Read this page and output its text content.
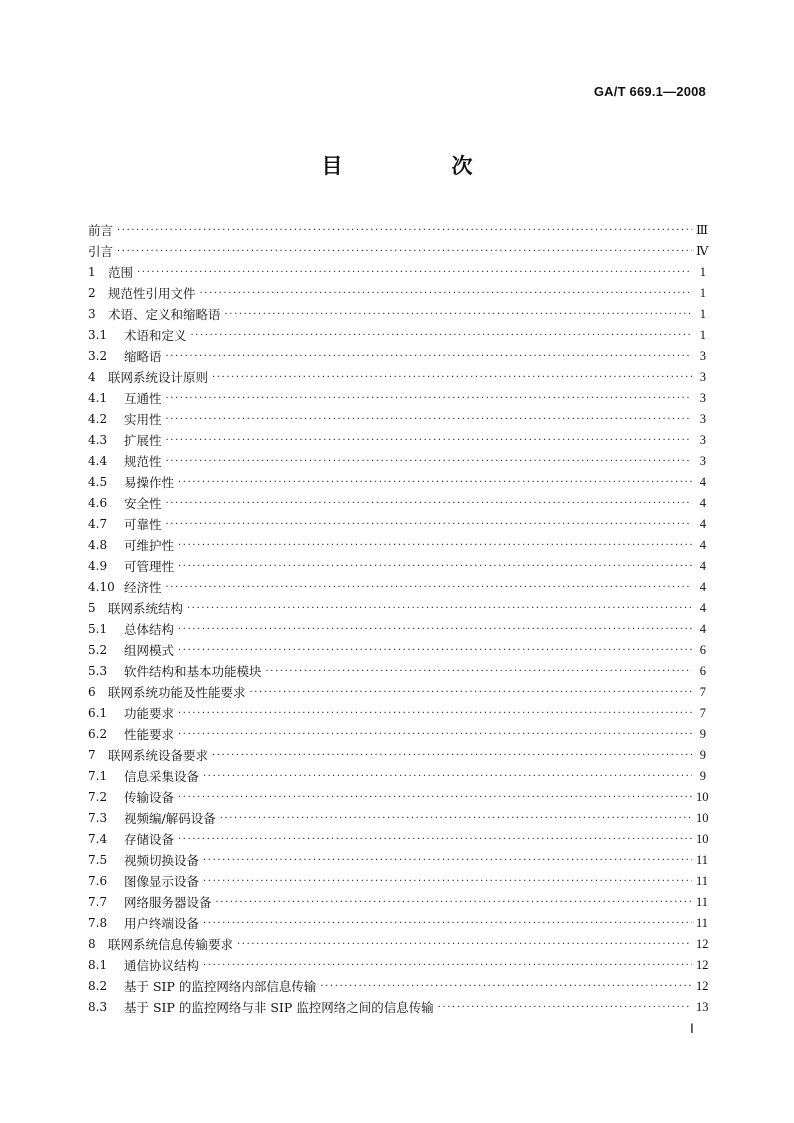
GA/T 669.1—2008
目　次
前言 ·····	Ⅲ
引言 ·····	Ⅳ
1 范围 ·····	1
2 规范性引用文件 ·····	1
3 术语、定义和缩略语 ·····	1
3.1	术语和定义 ·····	1
3.2	缩略语 ·····	3
4 联网系统设计原则 ·····	3
4.1	互通性 ·····	3
4.2	实用性 ·····	3
4.3	扩展性 ·····	3
4.4	规范性 ·····	3
4.5	易操作性 ·····	4
4.6	安全性 ·····	4
4.7	可靠性 ·····	4
4.8	可维护性 ·····	4
4.9	可管理性 ·····	4
4.10 经济性 ·····	4
5 联网系统结构 ·····	4
5.1	总体结构 ·····	4
5.2	组网模式 ·····	6
5.3	软件结构和基本功能模块 ·····	6
6 联网系统功能及性能要求 ·····	7
6.1	功能要求 ·····	7
6.2	性能要求 ·····	9
7 联网系统设备要求 ·····	9
7.1	信息采集设备 ·····	9
7.2	传输设备 ·····	10
7.3	视频编/解码设备 ·····	10
7.4	存储设备 ·····	10
7.5	视频切换设备 ·····	11
7.6	图像显示设备 ·····	11
7.7	网络服务器设备 ·····	11
7.8	用户终端设备 ·····	11
8 联网系统信息传输要求 ·····	12
8.1	通信协议结构 ·····	12
8.2	基于 SIP 的监控网络内部信息传输 ·····	12
8.3	基于 SIP 的监控网络与非 SIP 监控网络之间的信息传输 ·····	13
Ⅰ
